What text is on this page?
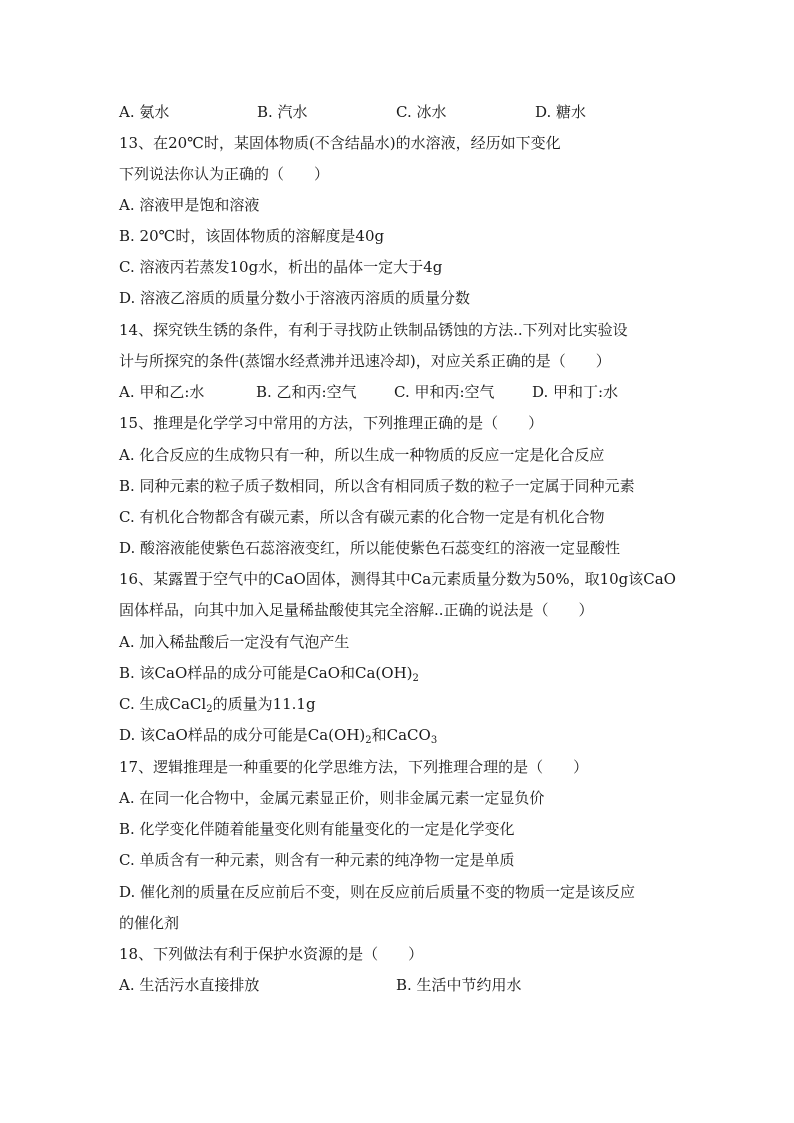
A. 氨水	B. 汽水	C. 冰水	D. 糖水
13、在20℃时，某固体物质(不含结晶水)的水溶液，经历如下变化
下列说法你认为正确的（　　）
A. 溶液甲是饱和溶液
B. 20℃时，该固体物质的溶解度是40g
C. 溶液丙若蒸发10g水，析出的晶体一定大于4g
D. 溶液乙溶质的质量分数小于溶液丙溶质的质量分数
14、探究铁生锈的条件，有利于寻找防止铁制品锈蚀的方法..下列对比实验设
计与所探究的条件(蒸馏水经煮沸并迅速冷却)，对应关系正确的是（　　）
A. 甲和乙:水	B. 乙和丙:空气 C. 甲和丙:空气 D. 甲和丁:水
15、推理是化学学习中常用的方法，下列推理正确的是（　　）
A. 化合反应的生成物只有一种，所以生成一种物质的反应一定是化合反应
B. 同种元素的粒子质子数相同，所以含有相同质子数的粒子一定属于同种元素
C. 有机化合物都含有碳元素，所以含有碳元素的化合物一定是有机化合物
D. 酸溶液能使紫色石蕊溶液变红，所以能使紫色石蕊变红的溶液一定显酸性
16、某露置于空气中的CaO固体，测得其中Ca元素质量分数为50%，取10g该CaO
固体样品，向其中加入足量稀盐酸使其完全溶解..正确的说法是（　　）
A. 加入稀盐酸后一定没有气泡产生
B. 该CaO样品的成分可能是CaO和$Ca(OH)_2$
C. 生成CaCl$_2$的质量为11.1g
D. 该CaO样品的成分可能是$Ca(OH)_2$和CaCO$_3$
17、逻辑推理是一种重要的化学思维方法，下列推理合理的是（　　）
A. 在同一化合物中，金属元素显正价，则非金属元素一定显负价
B. 化学变化伴随着能量变化则有能量变化的一定是化学变化
C. 单质含有一种元素，则含有一种元素的纯净物一定是单质
D. 催化剂的质量在反应前后不变，则在反应前后质量不变的物质一定是该反应
的催化剂
18、下列做法有利于保护水资源的是（　　）
A. 生活污水直接排放	B. 生活中节约用水
